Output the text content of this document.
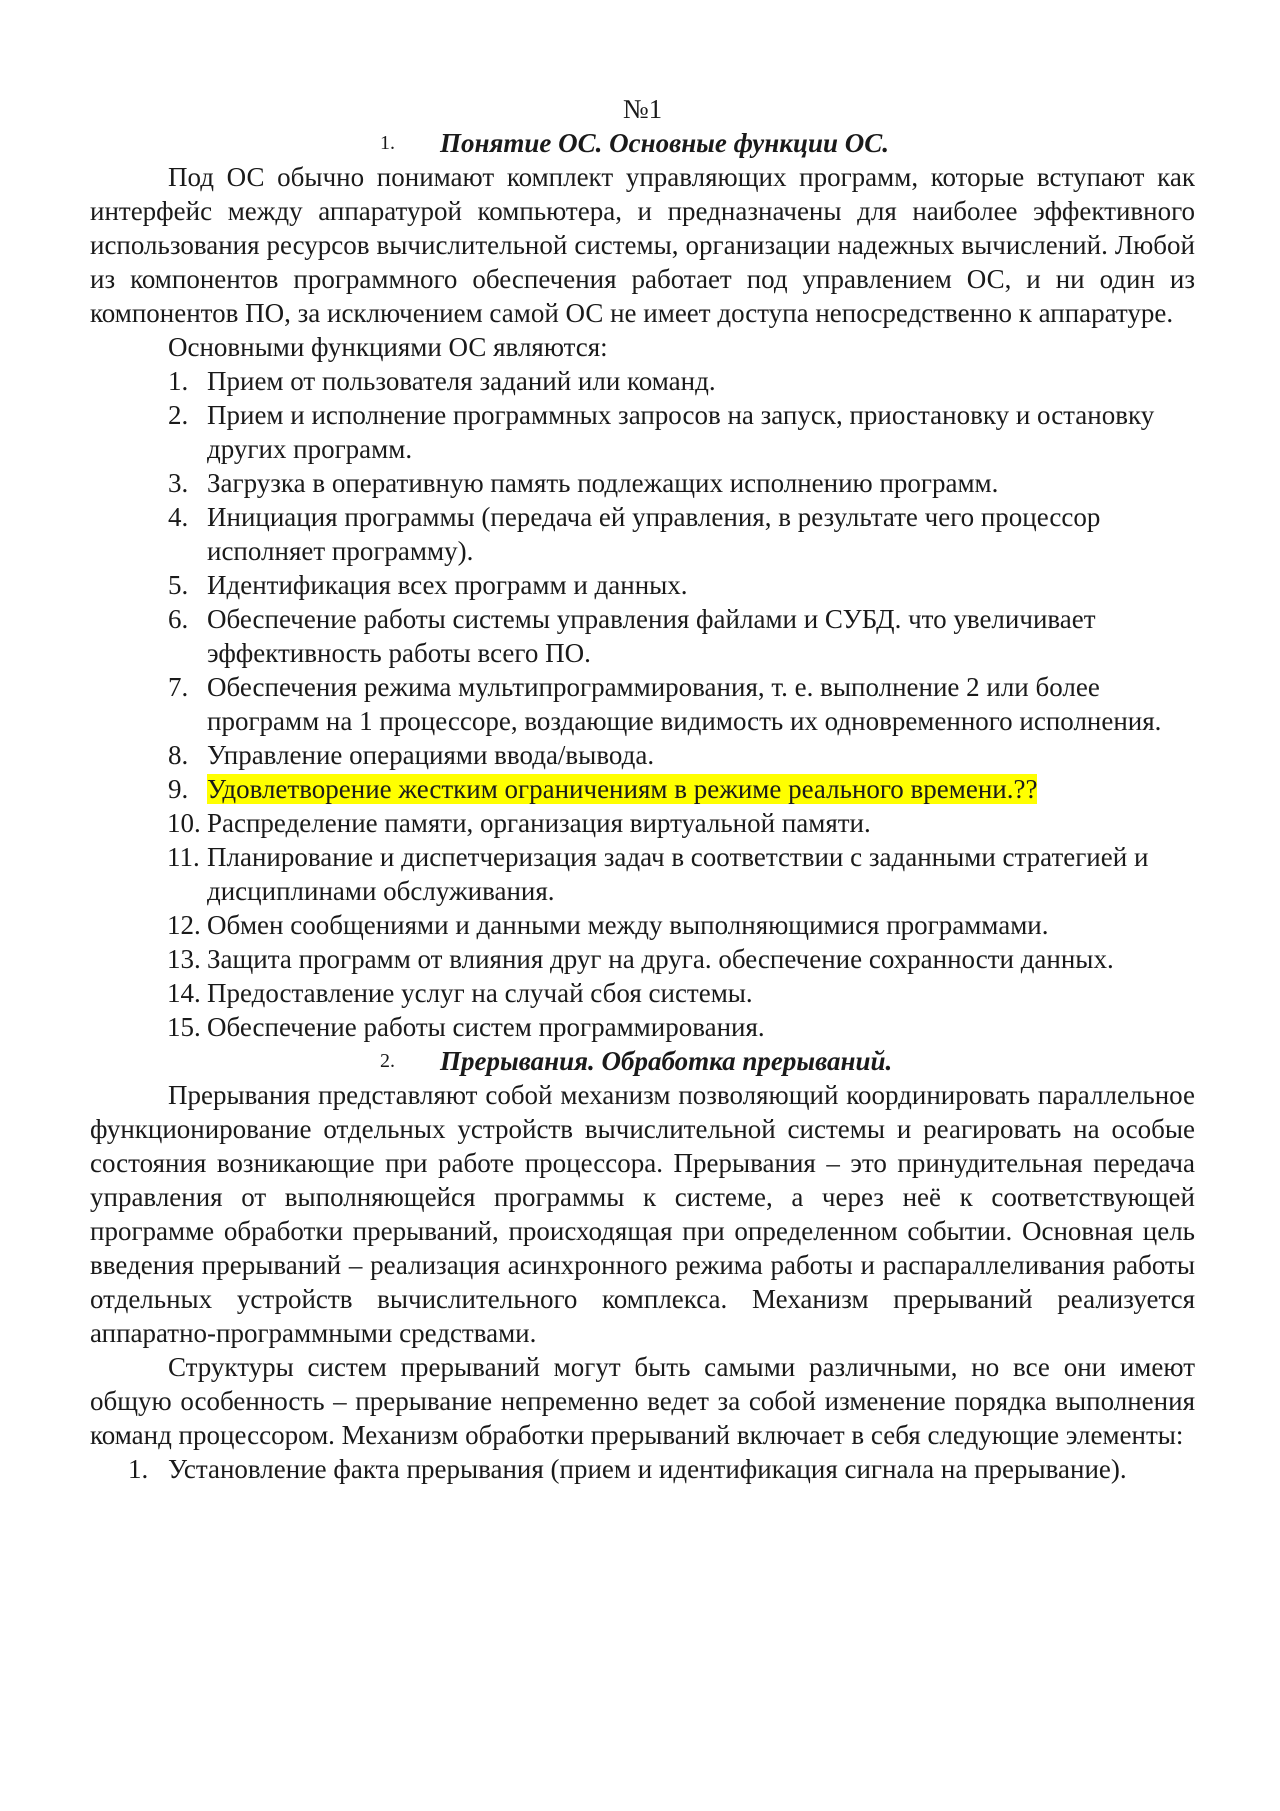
№1

1. Понятие ОС. Основные функции ОС.

Под ОС обычно понимают комплект управляющих программ, которые вступают как интерфейс между аппаратурой компьютера, и предназначены для наиболее эффективного использования ресурсов вычислительной системы, организации надежных вычислений. Любой из компонентов программного обеспечения работает под управлением ОС, и ни один из компонентов ПО, за исключением самой ОС не имеет доступа непосредственно к аппаратуре.

Основными функциями ОС являются:

1. Прием от пользователя заданий или команд.
2. Прием и исполнение программных запросов на запуск, приостановку и остановку других программ.
3. Загрузка в оперативную память подлежащих исполнению программ.
4. Инициация программы (передача ей управления, в результате чего процессор исполняет программу).
5. Идентификация всех программ и данных.
6. Обеспечение работы системы управления файлами и СУБД. что увеличивает эффективность работы всего ПО.
7. Обеспечения режима мультипрограммирования, т. е. выполнение 2 или более программ на 1 процессоре, воздающие видимость их одновременного исполнения.
8. Управление операциями ввода/вывода.
9. Удовлетворение жестким ограничениям в режиме реального времени.??
10. Распределение памяти, организация виртуальной памяти.
11. Планирование и диспетчеризация задач в соответствии с заданными стратегией и дисциплинами обслуживания.
12. Обмен сообщениями и данными между выполняющимися программами.
13. Защита программ от влияния друг на друга. обеспечение сохранности данных.
14. Предоставление услуг на случай сбоя системы.
15. Обеспечение работы систем программирования.
2. Прерывания. Обработка прерываний.

Прерывания представляют собой механизм позволяющий координировать параллельное функционирование отдельных устройств вычислительной системы и реагировать на особые состояния возникающие при работе процессора. Прерывания – это принудительная передача управления от выполняющейся программы к системе, а через неё к соответствующей программе обработки прерываний, происходящая при определенном событии. Основная цель введения прерываний – реализация асинхронного режима работы и распараллеливания работы отдельных устройств вычислительного комплекса. Механизм прерываний реализуется аппаратно-программными средствами.

Структуры систем прерываний могут быть самыми различными, но все они имеют общую особенность – прерывание непременно ведет за собой изменение порядка выполнения команд процессором. Механизм обработки прерываний включает в себя следующие элементы:

1. Установление факта прерывания (прием и идентификация сигнала на прерывание).
